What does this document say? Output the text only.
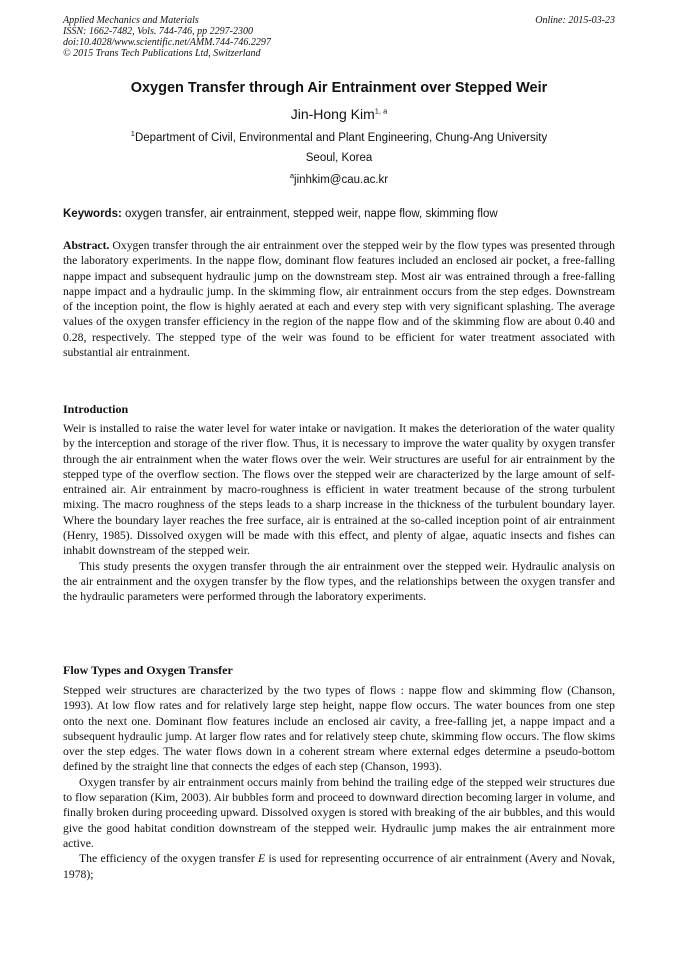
Applied Mechanics and Materials
ISSN: 1662-7482, Vols. 744-746, pp 2297-2300
doi:10.4028/www.scientific.net/AMM.744-746.2297
© 2015 Trans Tech Publications Ltd, Switzerland
Online: 2015-03-23
Oxygen Transfer through Air Entrainment over Stepped Weir
Jin-Hong Kim$^{1, a}$
$^1$Department of Civil, Environmental and Plant Engineering, Chung-Ang University
Seoul, Korea
$^a$jinhkim@cau.ac.kr
Keywords: oxygen transfer, air entrainment, stepped weir, nappe flow, skimming flow

Abstract. Oxygen transfer through the air entrainment over the stepped weir by the flow types was presented through the laboratory experiments. In the nappe flow, dominant flow features included an enclosed air pocket, a free-falling nappe impact and subsequent hydraulic jump on the downstream step. Most air was entrained through a free-falling nappe impact and a hydraulic jump. In the skimming flow, air entrainment occurs from the step edges. Downstream of the inception point, the flow is highly aerated at each and every step with very significant splashing. The average values of the oxygen transfer efficiency in the region of the nappe flow and of the skimming flow are about 0.40 and 0.28, respectively. The stepped type of the weir was found to be efficient for water treatment associated with substantial air entrainment.

Introduction

Weir is installed to raise the water level for water intake or navigation. It makes the deterioration of the water quality by the interception and storage of the river flow. Thus, it is necessary to improve the water quality by oxygen transfer through the air entrainment when the water flows over the weir. Weir structures are useful for air entrainment by the stepped type of the overflow section. The flows over the stepped weir are characterized by the large amount of self-entrained air. Air entrainment by macro-roughness is efficient in water treatment because of the strong turbulent mixing. The macro roughness of the steps leads to a sharp increase in the thickness of the turbulent boundary layer. Where the boundary layer reaches the free surface, air is entrained at the so-called inception point of air entrainment (Henry, 1985). Dissolved oxygen will be made with this effect, and plenty of algae, aquatic insects and fishes can inhabit downstream of the stepped weir.

This study presents the oxygen transfer through the air entrainment over the stepped weir. Hydraulic analysis on the air entrainment and the oxygen transfer by the flow types, and the relationships between the oxygen transfer and the hydraulic parameters were performed through the laboratory experiments.

Flow Types and Oxygen Transfer

Stepped weir structures are characterized by the two types of flows : nappe flow and skimming flow (Chanson, 1993). At low flow rates and for relatively large step height, nappe flow occurs. The water bounces from one step onto the next one. Dominant flow features include an enclosed air cavity, a free-falling jet, a nappe impact and a subsequent hydraulic jump. At larger flow rates and for relatively steep chute, skimming flow occurs. The flow skims over the step edges. The water flows down in a coherent stream where external edges determine a pseudo-bottom defined by the straight line that connects the edges of each step (Chanson, 1993).

Oxygen transfer by air entrainment occurs mainly from behind the trailing edge of the stepped weir structures due to flow separation (Kim, 2003). Air bubbles form and proceed to downward direction becoming larger in volume, and finally broken during proceeding upward. Dissolved oxygen is stored with breaking of the air bubbles, and this would give the good habitat condition downstream of the stepped weir. Hydraulic jump makes the air entrainment more active.

The efficiency of the oxygen transfer E is used for representing occurrence of air entrainment (Avery and Novak, 1978);
